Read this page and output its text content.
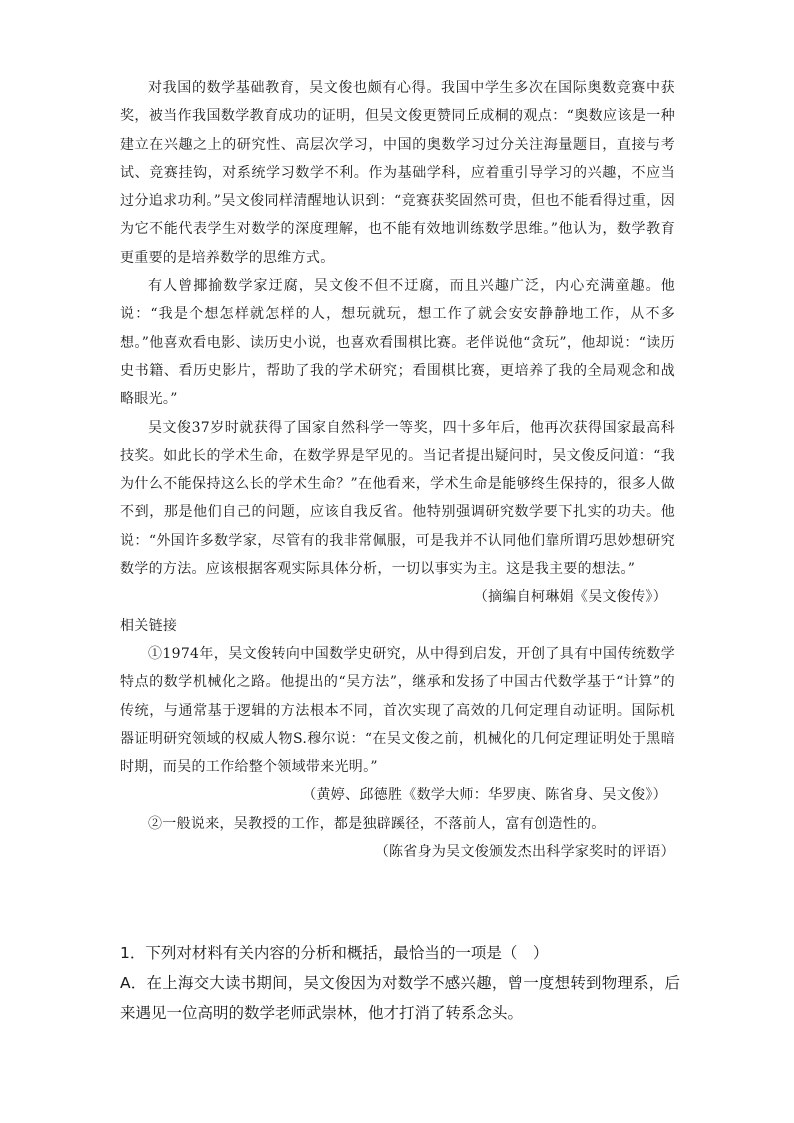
对我国的数学基础教育，吴文俊也颇有心得。我国中学生多次在国际奥数竞赛中获奖，被当作我国数学教育成功的证明，但吴文俊更赞同丘成桐的观点：“奥数应该是一种建立在兴趣之上的研究性、高层次学习，中国的奥数学习过分关注海量题目，直接与考试、竞赛挂钩，对系统学习数学不利。作为基础学科，应着重引导学习的兴趣，不应当过分追求功利。”吴文俊同样清醒地认识到：“竞赛获奖固然可贵，但也不能看得过重，因为它不能代表学生对数学的深度理解，也不能有效地训练数学思维。”他认为，数学教育更重要的是培养数学的思维方式。

有人曾揶揄数学家迂腐，吴文俊不但不迂腐，而且兴趣广泛，内心充满童趣。他说：“我是个想怎样就怎样的人，想玩就玩，想工作了就会安安静静地工作，从不多想。”他喜欢看电影、读历史小说，也喜欢看围棋比赛。老伴说他“贪玩”，他却说：“读历史书籍、看历史影片，帮助了我的学术研究；看围棋比赛，更培养了我的全局观念和战略眼光。”

吴文俊37岁时就获得了国家自然科学一等奖，四十多年后，他再次获得国家最高科技奖。如此长的学术生命，在数学界是罕见的。当记者提出疑问时，吴文俊反问道：“我为什么不能保持这么长的学术生命？”在他看来，学术生命是能够终生保持的，很多人做不到，那是他们自己的问题，应该自我反省。他特别强调研究数学要下扎实的功夫。他说：“外国许多数学家，尽管有的我非常佩服，可是我并不认同他们靠所谓巧思妙想研究数学的方法。应该根据客观实际具体分析，一切以事实为主。这是我主要的想法。”

（摘编自柯琳娟《吴文俊传》）

相关链接

①1974年，吴文俊转向中国数学史研究，从中得到启发，开创了具有中国传统数学特点的数学机械化之路。他提出的“吴方法”，继承和发扬了中国古代数学基于“计算”的传统，与通常基于逻辑的方法根本不同，首次实现了高效的几何定理自动证明。国际机器证明研究领域的权威人物S.穆尔说：“在吴文俊之前，机械化的几何定理证明处于黑暗时期，而吴的工作给整个领域带来光明。”

（黄婷、邱德胜《数学大师：华罗庚、陈省身、吴文俊》）

②一般说来，吴教授的工作，都是独辟蹊径，不落前人，富有创造性的。

（陈省身为吴文俊颁发杰出科学家奖时的评语）

1．下列对材料有关内容的分析和概括，最恰当的一项是（　）

A．在上海交大读书期间，吴文俊因为对数学不感兴趣，曾一度想转到物理系，后来遇见一位高明的数学老师武崇林，他才打消了转系念头。
